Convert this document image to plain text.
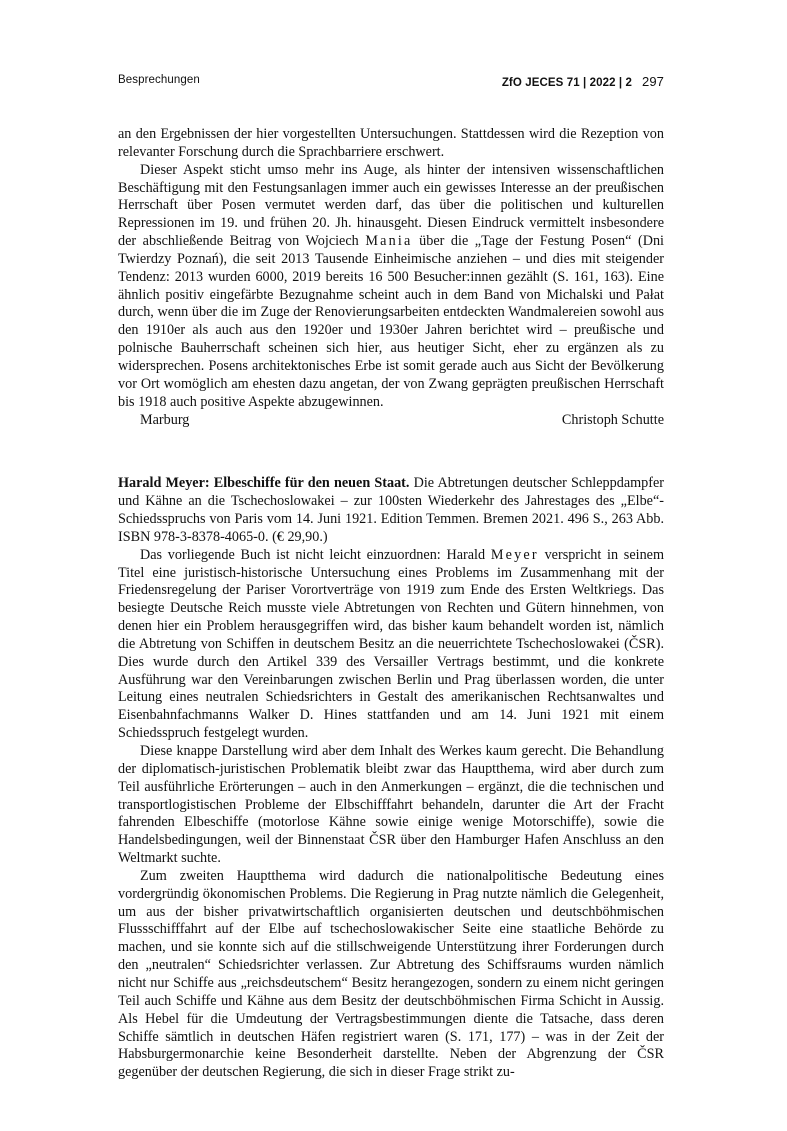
Besprechungen	ZfO JECES 71 | 2022 | 2 297

an den Ergebnissen der hier vorgestellten Untersuchungen. Stattdessen wird die Rezeption von relevanter Forschung durch die Sprachbarriere erschwert.

Dieser Aspekt sticht umso mehr ins Auge, als hinter der intensiven wissenschaftlichen Beschäftigung mit den Festungsanlagen immer auch ein gewisses Interesse an der preußischen Herrschaft über Posen vermutet werden darf, das über die politischen und kulturellen Repressionen im 19. und frühen 20. Jh. hinausgeht. Diesen Eindruck vermittelt insbesondere der abschließende Beitrag von Wojciech Mania über die „Tage der Festung Posen“ (Dni Twierdzy Poznań), die seit 2013 Tausende Einheimische anziehen – und dies mit steigender Tendenz: 2013 wurden 6000, 2019 bereits 16 500 Besucher:innen gezählt (S. 161, 163). Eine ähnlich positiv eingefärbte Bezugnahme scheint auch in dem Band von Michalski und Pałat durch, wenn über die im Zuge der Renovierungsarbeiten entdeckten Wandmalereien sowohl aus den 1910er als auch aus den 1920er und 1930er Jahren berichtet wird – preußische und polnische Bauherrschaft scheinen sich hier, aus heutiger Sicht, eher zu ergänzen als zu widersprechen. Posens architektonisches Erbe ist somit gerade auch aus Sicht der Bevölkerung vor Ort womöglich am ehesten dazu angetan, der von Zwang geprägten preußischen Herrschaft bis 1918 auch positive Aspekte abzugewinnen.

Marburg	Christoph Schutte

Harald Meyer: Elbeschiffe für den neuen Staat. Die Abtretungen deutscher Schleppdampfer und Kähne an die Tschechoslowakei – zur 100sten Wiederkehr des Jahrestages des „Elbe“-Schiedsspruchs von Paris vom 14. Juni 1921. Edition Temmen. Bremen 2021. 496 S., 263 Abb. ISBN 978-3-8378-4065-0. (€ 29,90.)

Das vorliegende Buch ist nicht leicht einzuordnen: Harald Meyer verspricht in seinem Titel eine juristisch-historische Untersuchung eines Problems im Zusammenhang mit der Friedensregelung der Pariser Vorortverträge von 1919 zum Ende des Ersten Weltkriegs. Das besiegte Deutsche Reich musste viele Abtretungen von Rechten und Gütern hinnehmen, von denen hier ein Problem herausgegriffen wird, das bisher kaum behandelt worden ist, nämlich die Abtretung von Schiffen in deutschem Besitz an die neuerrichtete Tschechoslowakei (ČSR). Dies wurde durch den Artikel 339 des Versailler Vertrags bestimmt, und die konkrete Ausführung war den Vereinbarungen zwischen Berlin und Prag überlassen worden, die unter Leitung eines neutralen Schiedsrichters in Gestalt des amerikanischen Rechtsanwaltes und Eisenbahnfachmanns Walker D. Hines stattfanden und am 14. Juni 1921 mit einem Schiedsspruch festgelegt wurden.

Diese knappe Darstellung wird aber dem Inhalt des Werkes kaum gerecht. Die Behandlung der diplomatisch-juristischen Problematik bleibt zwar das Hauptthema, wird aber durch zum Teil ausführliche Erörterungen – auch in den Anmerkungen – ergänzt, die die technischen und transportlogistischen Probleme der Elbschifffahrt behandeln, darunter die Art der Fracht fahrenden Elbeschiffe (motorlose Kähne sowie einige wenige Motorschiffe), sowie die Handelsbedingungen, weil der Binnenstaat ČSR über den Hamburger Hafen Anschluss an den Weltmarkt suchte.

Zum zweiten Hauptthema wird dadurch die nationalpolitische Bedeutung eines vordergründig ökonomischen Problems. Die Regierung in Prag nutzte nämlich die Gelegenheit, um aus der bisher privatwirtschaftlich organisierten deutschen und deutschböhmischen Flussschifffahrt auf der Elbe auf tschechoslowakischer Seite eine staatliche Behörde zu machen, und sie konnte sich auf die stillschweigende Unterstützung ihrer Forderungen durch den „neutralen“ Schiedsrichter verlassen. Zur Abtretung des Schiffsraums wurden nämlich nicht nur Schiffe aus „reichsdeutschem“ Besitz herangezogen, sondern zu einem nicht geringen Teil auch Schiffe und Kähne aus dem Besitz der deutschböhmischen Firma Schicht in Aussig. Als Hebel für die Umdeutung der Vertragsbestimmungen diente die Tatsache, dass deren Schiffe sämtlich in deutschen Häfen registriert waren (S. 171, 177) – was in der Zeit der Habsburgermonarchie keine Besonderheit darstellte. Neben der Abgrenzung der ČSR gegenüber der deutschen Regierung, die sich in dieser Frage strikt zu-
